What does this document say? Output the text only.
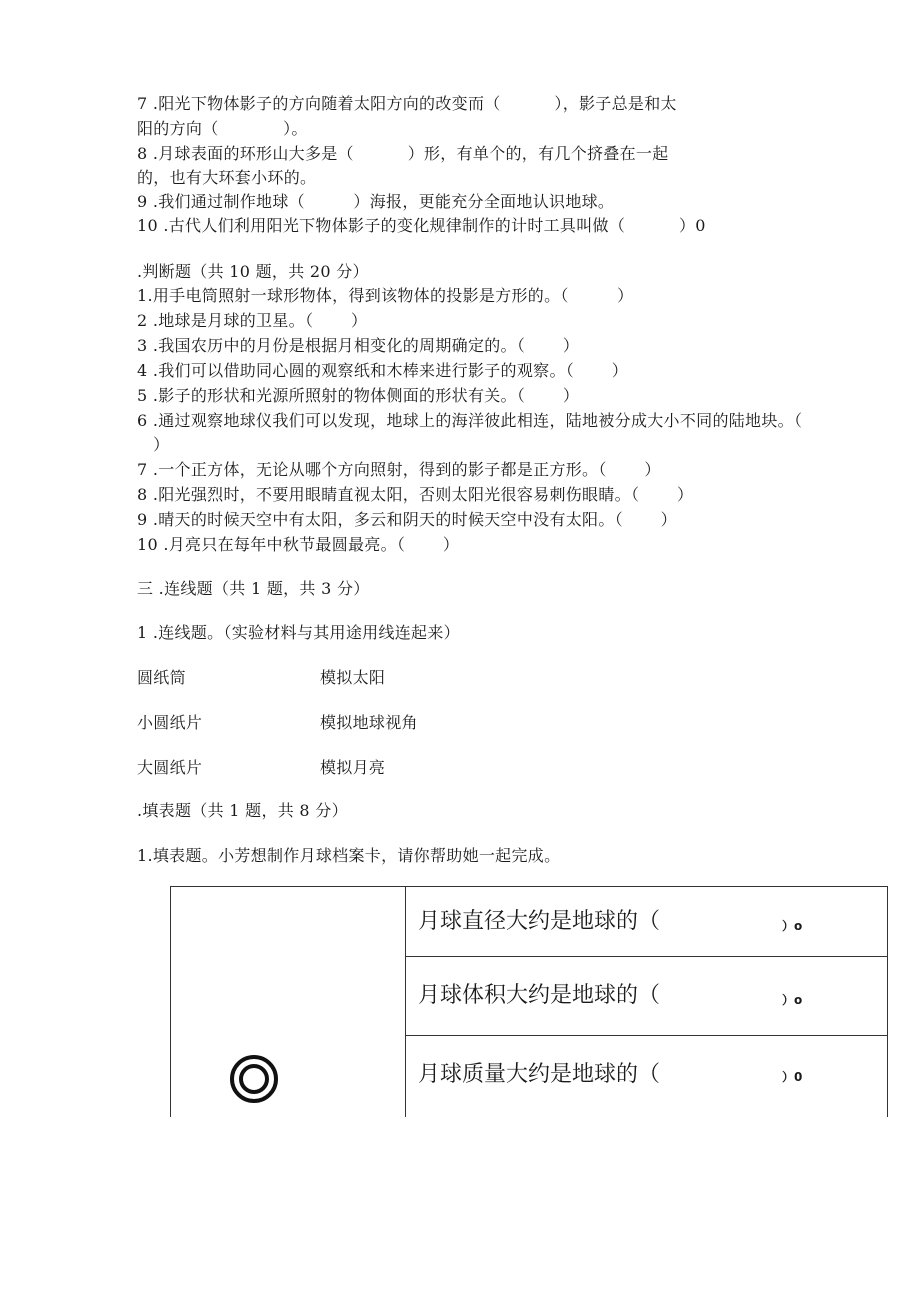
7 .阳光下物体影子的方向随着太阳方向的改变而（          ），影子总是和太
阳的方向（            ）。
8 .月球表面的环形山大多是（          ）形，有单个的，有几个挤叠在一起
的，也有大环套小环的。
9 .我们通过制作地球（         ）海报，更能充分全面地认识地球。
10 .古代人们利用阳光下物体影子的变化规律制作的计时工具叫做（          ）0
.判断题（共 10 题，共 20 分）
1.用手电筒照射一球形物体，得到该物体的投影是方形的。（         ）
2 .地球是月球的卫星。（       ）
3 .我国农历中的月份是根据月相变化的周期确定的。（       ）
4 .我们可以借助同心圆的观察纸和木棒来进行影子的观察。（       ）
5 .影子的形状和光源所照射的物体侧面的形状有关。（       ）
6 .通过观察地球仪我们可以发现，地球上的海洋彼此相连，陆地被分成大小不同的陆地块。（
）
7 .一个正方体，无论从哪个方向照射，得到的影子都是正方形。（       ）
8 .阳光强烈时，不要用眼睛直视太阳，否则太阳光很容易刺伤眼睛。（       ）
9 .晴天的时候天空中有太阳，多云和阴天的时候天空中没有太阳。（       ）
10 .月亮只在每年中秋节最圆最亮。（       ）
三 .连线题（共 1 题，共 3 分）
1 .连线题。（实验材料与其用途用线连起来）
圆纸筒	模拟太阳
小圆纸片	模拟地球视角
大圆纸片	模拟月亮
.填表题（共 1 题，共 8 分）
1.填表题。小芳想制作月球档案卡，请你帮助她一起完成。
月球直径大约是地球的（	）o
月球体积大约是地球的（	）o
月球质量大约是地球的（	）0
